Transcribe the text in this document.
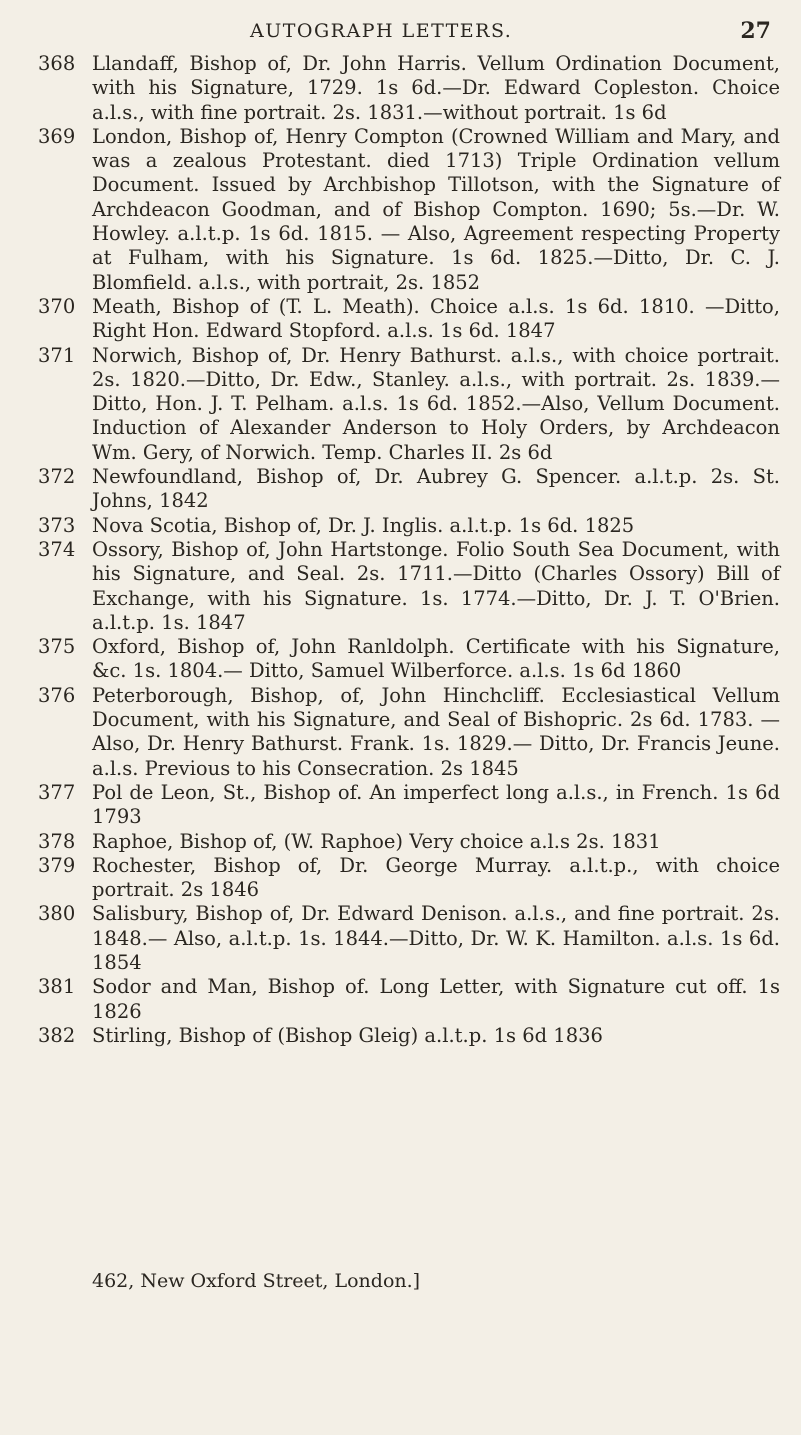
AUTOGRAPH LETTERS.	27
368 Llandaff, Bishop of, Dr. John Harris. Vellum Ordination Document, with his Signature, 1729. 1s 6d.—Dr. Edward Copleston. Choice a.l.s., with fine portrait. 2s. 1831.—without portrait. 1s 6d
369 London, Bishop of, Henry Compton (Crowned William and Mary, and was a zealous Protestant. died 1713) Triple Ordination vellum Document. Issued by Archbishop Tillotson, with the Signature of Archdeacon Goodman, and of Bishop Compton. 1690; 5s.—Dr. W. Howley. a.l.t.p. 1s 6d. 1815. — Also, Agreement respecting Property at Fulham, with his Signature. 1s 6d. 1825.—Ditto, Dr. C. J. Blomfield. a.l.s., with portrait, 2s. 1852
370 Meath, Bishop of (T. L. Meath). Choice a.l.s. 1s 6d. 1810. —Ditto, Right Hon. Edward Stopford. a.l.s. 1s 6d. 1847
371 Norwich, Bishop of, Dr. Henry Bathurst. a.l.s., with choice portrait. 2s. 1820.—Ditto, Dr. Edw., Stanley. a.l.s., with portrait. 2s. 1839.—Ditto, Hon. J. T. Pelham. a.l.s. 1s 6d. 1852.—Also, Vellum Document. Induction of Alexander Anderson to Holy Orders, by Archdeacon Wm. Gery, of Norwich. Temp. Charles II. 2s 6d
372 Newfoundland, Bishop of, Dr. Aubrey G. Spencer. a.l.t.p. 2s. St. Johns, 1842
373 Nova Scotia, Bishop of, Dr. J. Inglis. a.l.t.p. 1s 6d. 1825
374 Ossory, Bishop of, John Hartstonge. Folio South Sea Document, with his Signature, and Seal. 2s. 1711.—Ditto (Charles Ossory) Bill of Exchange, with his Signature. 1s. 1774.—Ditto, Dr. J. T. O'Brien. a.l.t.p. 1s. 1847
375 Oxford, Bishop of, John Ranldolph. Certificate with his Signature, &c. 1s. 1804.— Ditto, Samuel Wilberforce. a.l.s. 1s 6d 1860
376 Peterborough, Bishop, of, John Hinchcliff. Ecclesiastical Vellum Document, with his Signature, and Seal of Bishopric. 2s 6d. 1783. — Also, Dr. Henry Bathurst. Frank. 1s. 1829.— Ditto, Dr. Francis Jeune. a.l.s. Previous to his Consecration. 2s 1845
377 Pol de Leon, St., Bishop of. An imperfect long a.l.s., in French. 1s 6d 1793
378 Raphoe, Bishop of, (W. Raphoe) Very choice a.l.s 2s. 1831
379 Rochester, Bishop of, Dr. George Murray. a.l.t.p., with choice portrait. 2s 1846
380 Salisbury, Bishop of, Dr. Edward Denison. a.l.s., and fine portrait. 2s. 1848.— Also, a.l.t.p. 1s. 1844.—Ditto, Dr. W. K. Hamilton. a.l.s. 1s 6d. 1854
381 Sodor and Man, Bishop of. Long Letter, with Signature cut off. 1s 1826
382 Stirling, Bishop of (Bishop Gleig) a.l.t.p. 1s 6d 1836
462, New Oxford Street, London.]
